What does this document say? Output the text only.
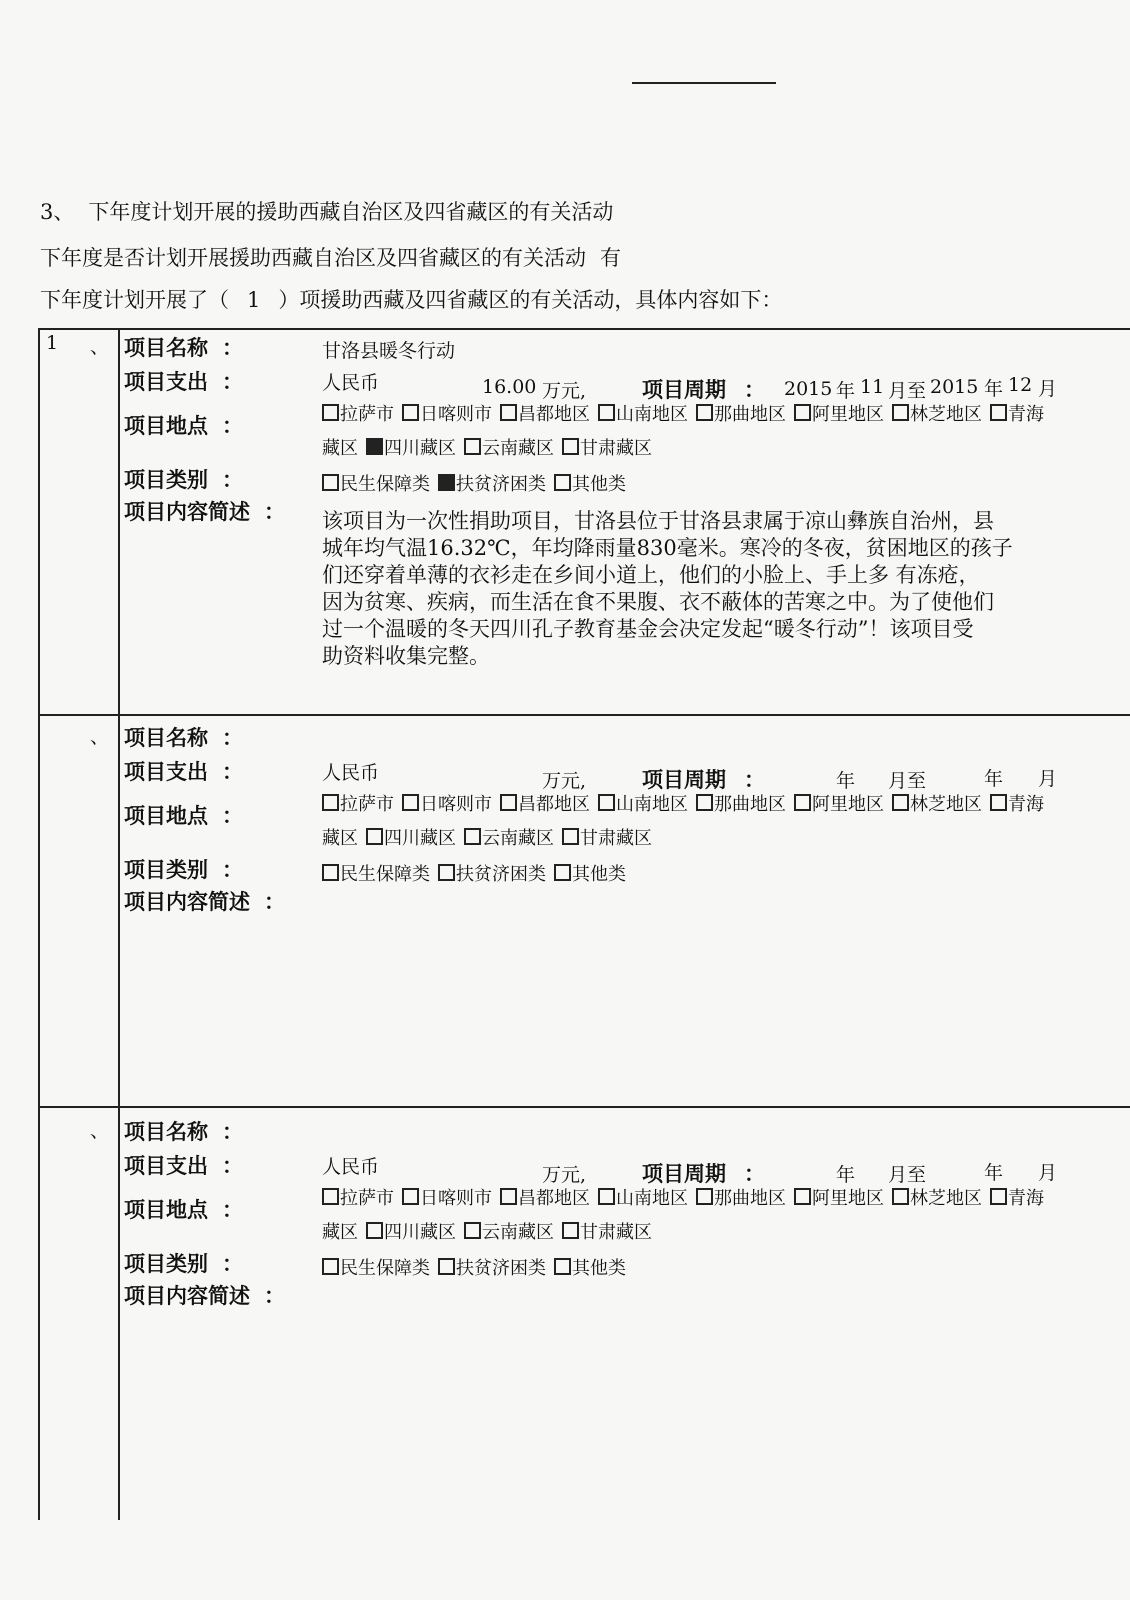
3、 下年度计划开展的援助西藏自治区及四省藏区的有关活动
下年度是否计划开展援助西藏自治区及四省藏区的有关活动 有
下年度计划开展了（ 1 ）项援助西藏及四省藏区的有关活动，具体内容如下：
1 、 项目名称 ：	甘洛县暖冬行动
项目支出 ：	人民币	16.00 万元,	项目周期 ： 2015 年 11 月至 2015 年 12 月
项目地点 ：	拉萨市 日喀则市 昌都地区 山南地区 那曲地区 阿里地区 林芝地区 青海
藏区 四川藏区 云南藏区 甘肃藏区
项目类别 ：	民生保障类 扶贫济困类 其他类
项目内容简述 ： 该项目为一次性捐助项目，甘洛县位于甘洛县隶属于凉山彝族自治州，县
城年均气温16.32℃，年均降雨量830毫米。寒冷的冬夜，贫困地区的孩子
们还穿着单薄的衣衫走在乡间小道上，他们的小脸上、手上多 有冻疮，
因为贫寒、疾病，而生活在食不果腹、衣不蔽体的苦寒之中。为了使他们
过一个温暖的冬天四川孔子教育基金会决定发起“暖冬行动”！该项目受
助资料收集完整。
、 项目名称 ：
项目支出 ：	人民币	万元,	项目周期 ：	年 月至	年 月
项目地点 ：	拉萨市 日喀则市 昌都地区 山南地区 那曲地区 阿里地区 林芝地区 青海
藏区 四川藏区 云南藏区 甘肃藏区
项目类别 ：	民生保障类 扶贫济困类 其他类
项目内容简述 ：
、 项目名称 ：
项目支出 ：	人民币	万元,	项目周期 ：	年 月至	年 月
项目地点 ：	拉萨市 日喀则市 昌都地区 山南地区 那曲地区 阿里地区 林芝地区 青海
藏区 四川藏区 云南藏区 甘肃藏区
项目类别 ：	民生保障类 扶贫济困类 其他类
项目内容简述 ：
